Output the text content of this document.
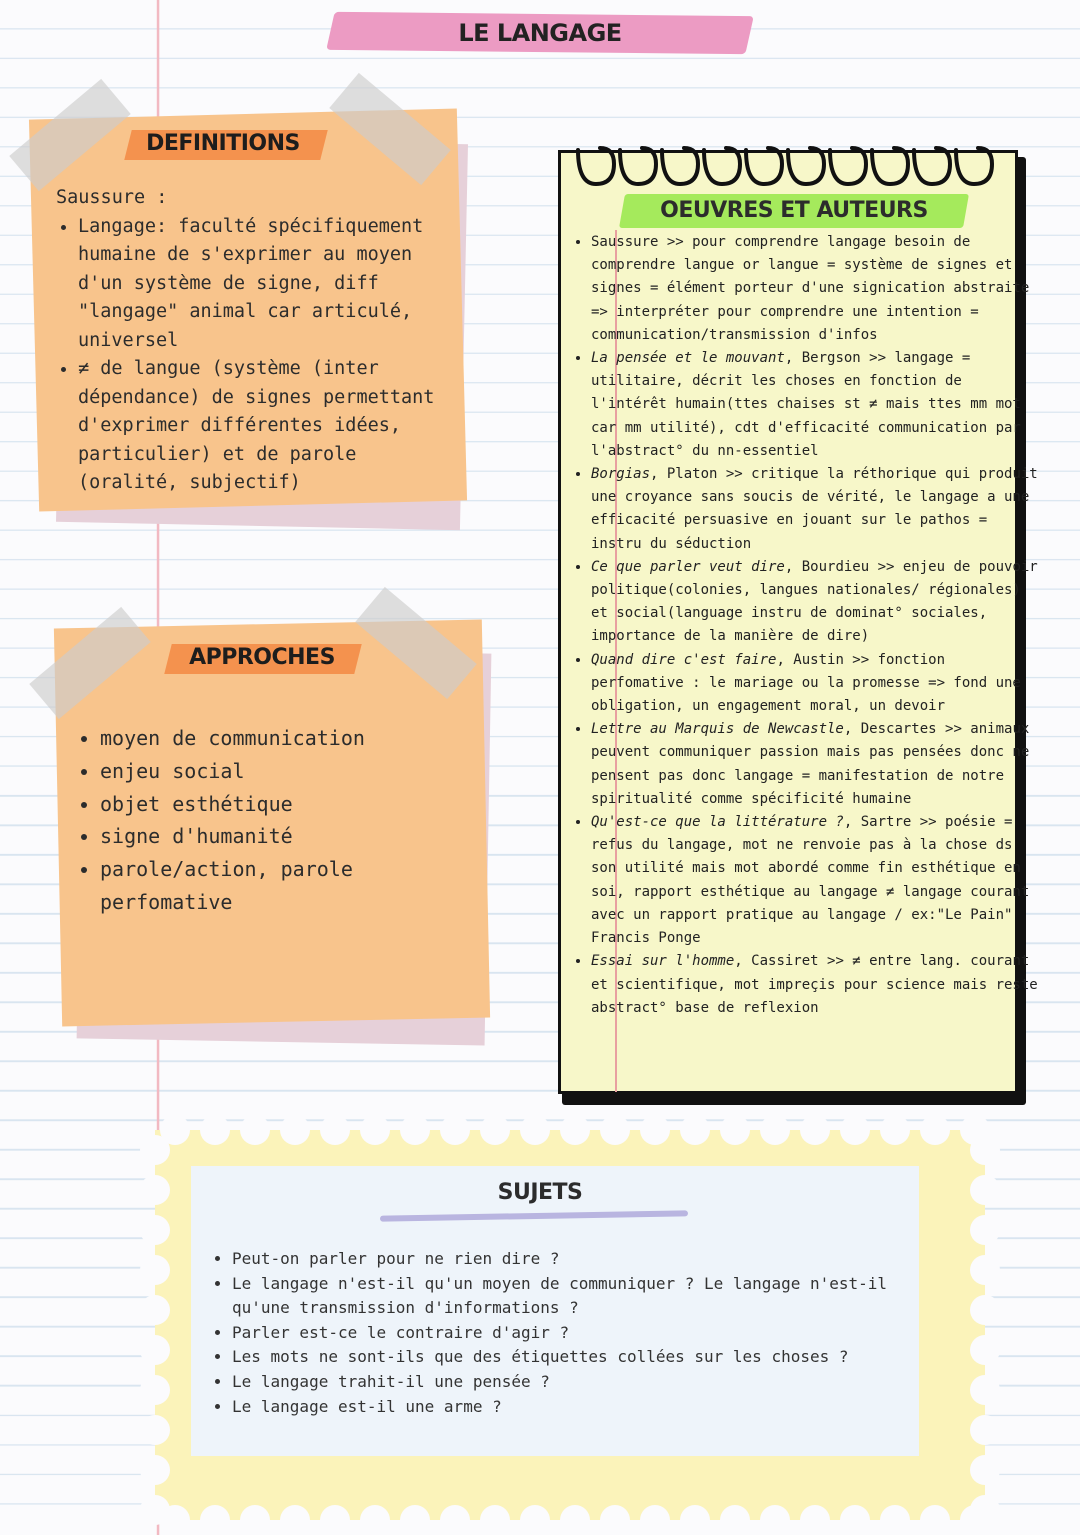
LE LANGAGE
DEFINITIONS
Saussure :
• Langage: faculté spécifiquement humaine de s'exprimer au moyen d'un système de signe, diff "langage" animal car articulé, universel
• ≠ de langue (système (inter dépendance) de signes permettant d'exprimer différentes idées, particulier) et de parole (oralité, subjectif)
APPROCHES
• moyen de communication
• enjeu social
• objet esthétique
• signe d'humanité
• parole/action, parole perfomative
OEUVRES ET AUTEURS
• Saussure >> pour comprendre langage besoin de comprendre langue or langue = système de signes et signes = élément porteur d'une signication abstraite => interpréter pour comprendre une intention = communication/transmission d'infos
• La pensée et le mouvant, Bergson >> langage = utilitaire, décrit les choses en fonction de l'intérêt humain(ttes chaises st ≠ mais ttes mm mot car mm utilité), cdt d'efficacité communication par l'abstract° du nn-essentiel
• Borgias, Platon >> critique la réthorique qui produit une croyance sans soucis de vérité, le langage a une efficacité persuasive en jouant sur le pathos = instru du séduction
• Ce que parler veut dire, Bourdieu >> enjeu de pouvoir politique(colonies, langues nationales/ régionales) et social(language instru de dominat° sociales, importance de la manière de dire)
• Quand dire c'est faire, Austin >> fonction perfomative : le mariage ou la promesse => fond une obligation, un engagement moral, un devoir
• Lettre au Marquis de Newcastle, Descartes >> animaux peuvent communiquer passion mais pas pensées donc ne pensent pas donc langage = manifestation de notre spiritualité comme spécificité humaine
• Qu'est-ce que la littérature ?, Sartre >> poésie = refus du langage, mot ne renvoie pas à la chose ds son utilité mais mot abordé comme fin esthétique en soi, rapport esthétique au langage ≠ langage courant avec un rapport pratique au langage / ex:"Le Pain" Francis Ponge
• Essai sur l'homme, Cassiret >> ≠ entre lang. courant et scientifique, mot impreçis pour science mais reste abstract° base de reflexion
SUJETS
• Peut-on parler pour ne rien dire ?
• Le langage n'est-il qu'un moyen de communiquer ? Le langage n'est-il qu'une transmission d'informations ?
• Parler est-ce le contraire d'agir ?
• Les mots ne sont-ils que des étiquettes collées sur les choses ?
• Le langage trahit-il une pensée ?
• Le langage est-il une arme ?
